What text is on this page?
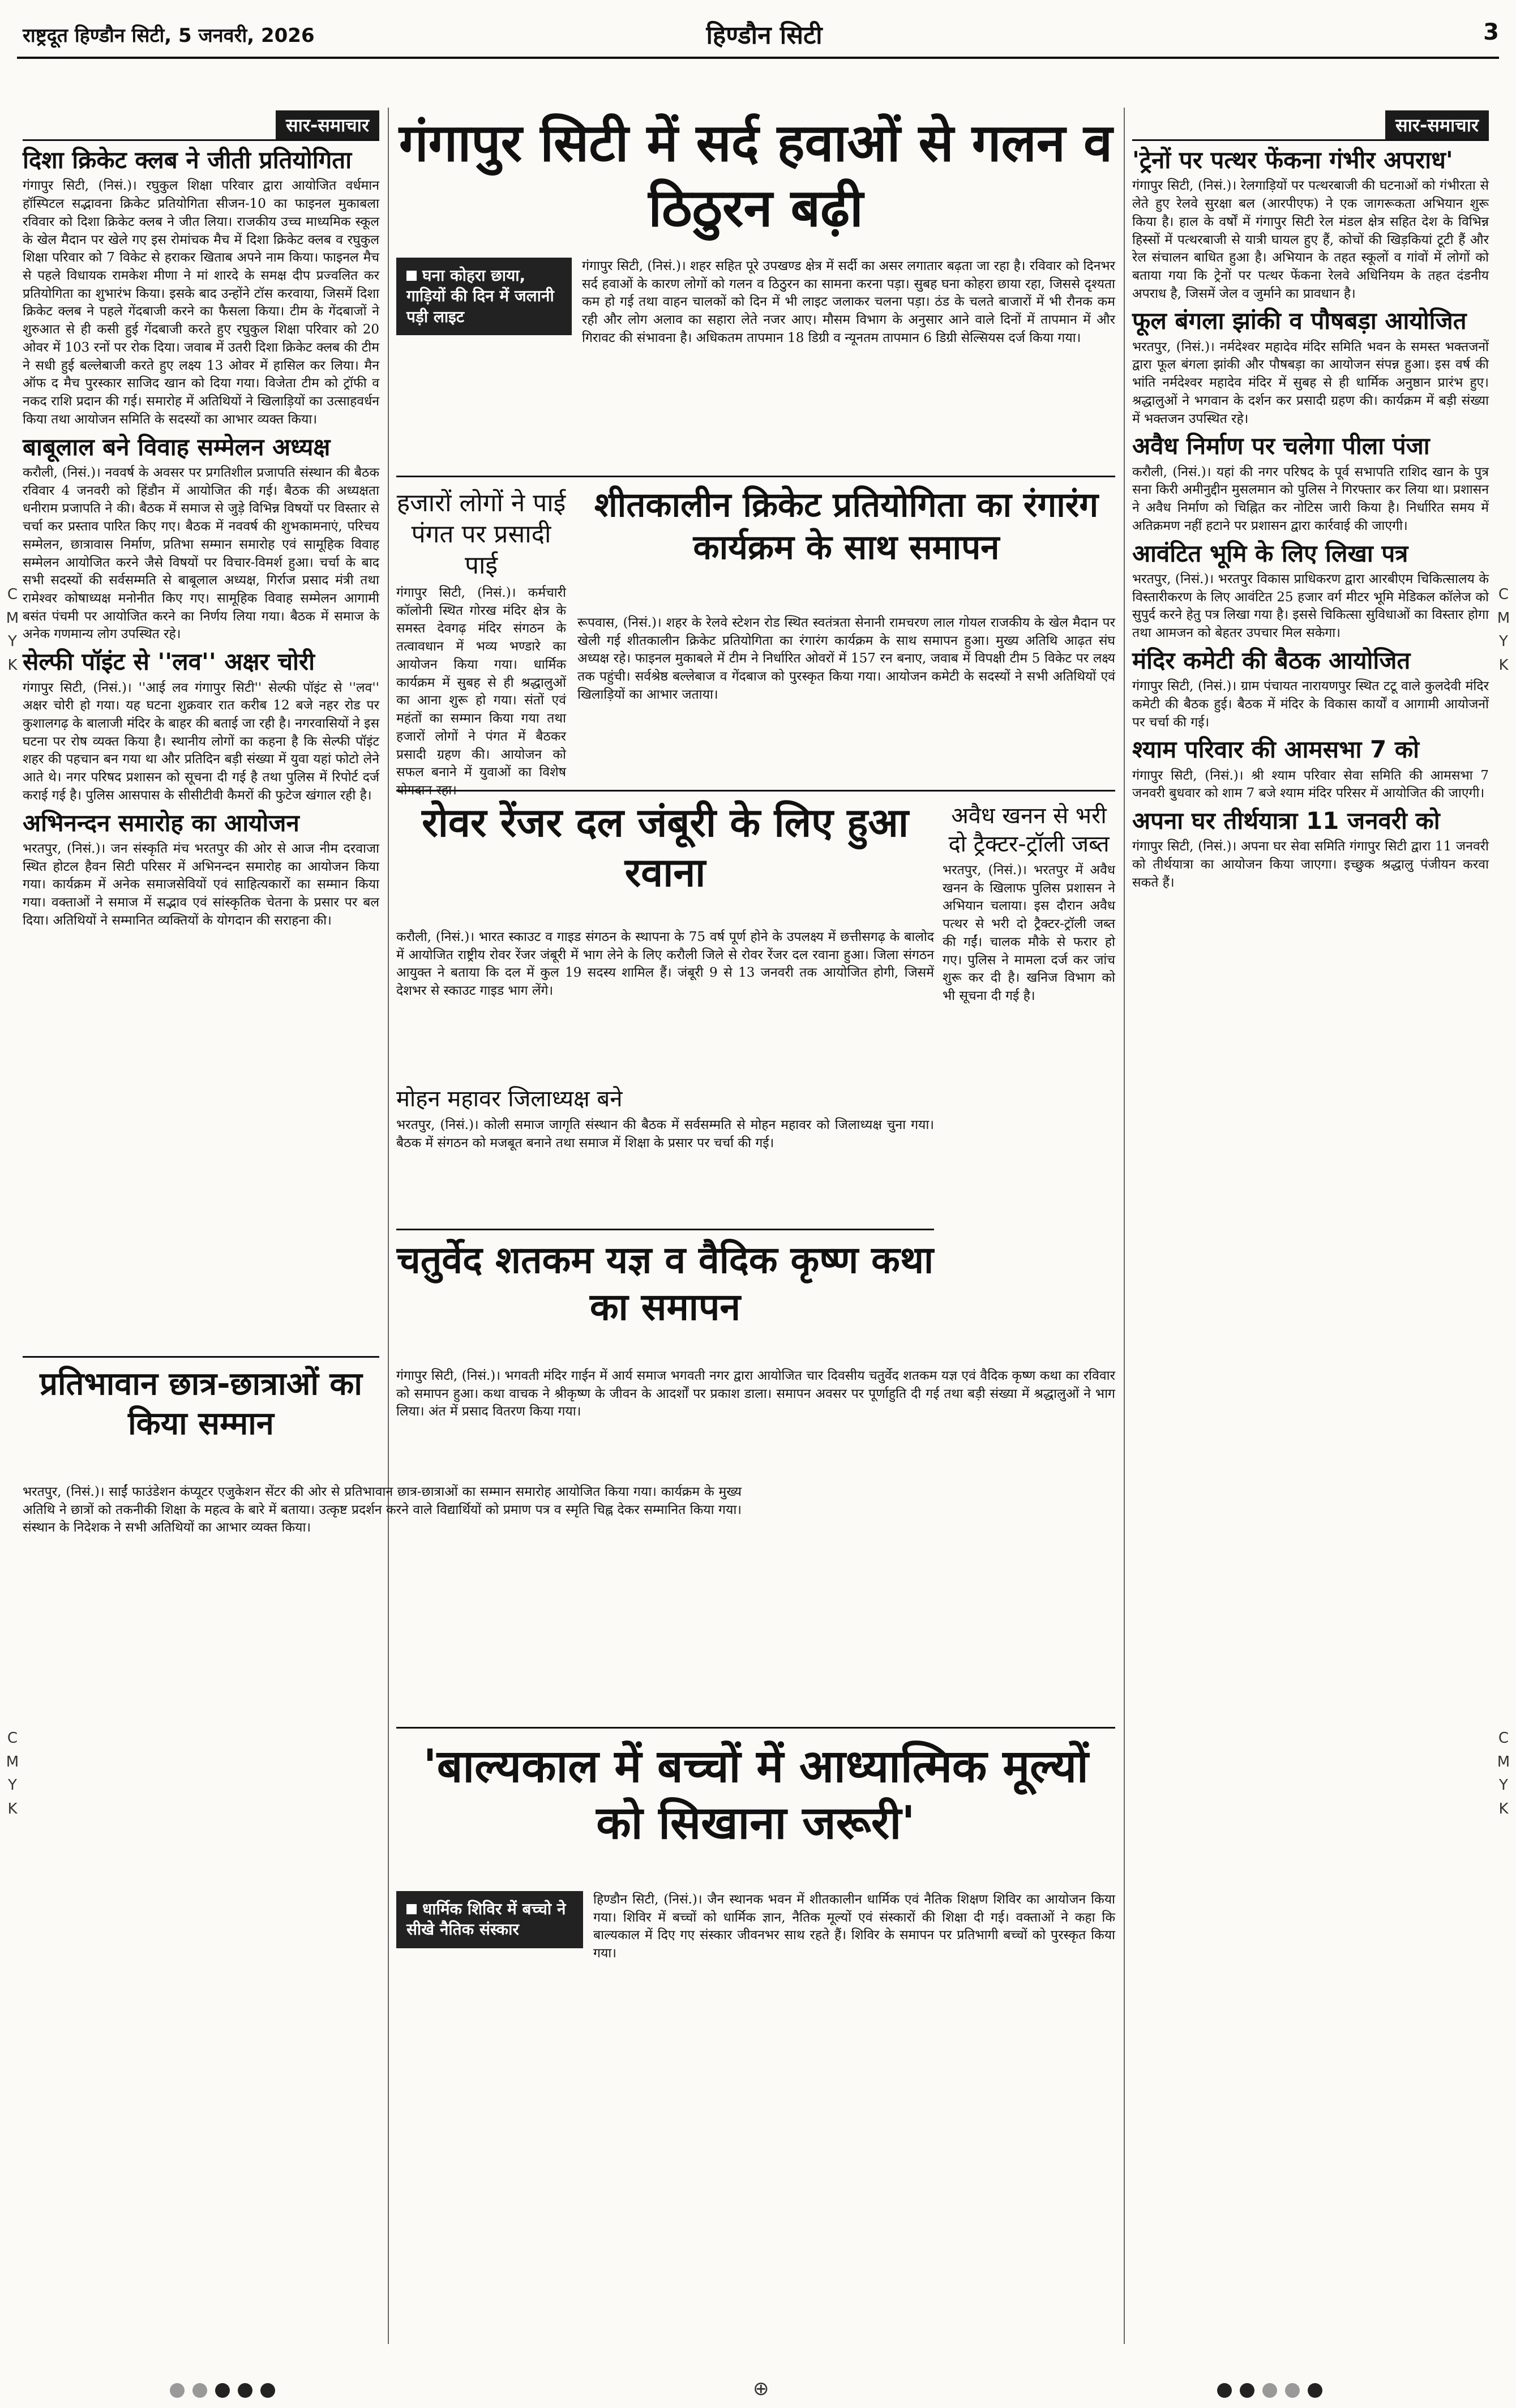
राष्ट्रदूत हिण्डौन सिटी, 5 जनवरी, 2026	हिण्डौन सिटी	3
सार-समाचार
दिशा क्रिकेट क्लब ने जीती प्रतियोगिता

गंगापुर सिटी, (निसं.)। रघुकुल शिक्षा परिवार द्वारा आयोजित वर्धमान हॉस्पिटल सद्भावना क्रिकेट प्रतियोगिता सीजन-10 का फाइनल मुकाबला रविवार को दिशा क्रिकेट क्लब ने जीत लिया। राजकीय उच्च माध्यमिक स्कूल के खेल मैदान पर खेले गए इस रोमांचक मैच में दिशा क्रिकेट क्लब व रघुकुल शिक्षा परिवार को 7 विकेट से हराकर खिताब अपने नाम किया। फाइनल मैच से पहले विधायक रामकेश मीणा ने मां शारदे के समक्ष दीप प्रज्वलित कर प्रतियोगिता का शुभारंभ किया। इसके बाद उन्होंने टॉस करवाया, जिसमें दिशा क्रिकेट क्लब ने पहले गेंदबाजी करने का फैसला किया। टीम के गेंदबाजों ने शुरुआत से ही कसी हुई गेंदबाजी करते हुए रघुकुल शिक्षा परिवार को 20 ओवर में 103 रनों पर रोक दिया। जवाब में उतरी दिशा क्रिकेट क्लब की टीम ने सधी हुई बल्लेबाजी करते हुए लक्ष्य 13 ओवर में हासिल कर लिया। मैन ऑफ द मैच पुरस्कार साजिद खान को दिया गया। विजेता टीम को ट्रॉफी व नकद राशि प्रदान की गई। समारोह में अतिथियों ने खिलाड़ियों का उत्साहवर्धन किया तथा आयोजन समिति के सदस्यों का आभार व्यक्त किया।

बाबूलाल बने विवाह सम्मेलन अध्यक्ष

करौली, (निसं.)। नववर्ष के अवसर पर प्रगतिशील प्रजापति संस्थान की बैठक रविवार 4 जनवरी को हिंडौन में आयोजित की गई। बैठक की अध्यक्षता धनीराम प्रजापति ने की। बैठक में समाज से जुड़े विभिन्न विषयों पर विस्तार से चर्चा कर प्रस्ताव पारित किए गए। बैठक में नववर्ष की शुभकामनाएं, परिचय सम्मेलन, छात्रावास निर्माण, प्रतिभा सम्मान समारोह एवं सामूहिक विवाह सम्मेलन आयोजित करने जैसे विषयों पर विचार-विमर्श हुआ। चर्चा के बाद सभी सदस्यों की सर्वसम्मति से बाबूलाल अध्यक्ष, गिर्राज प्रसाद मंत्री तथा रामेश्वर कोषाध्यक्ष मनोनीत किए गए। सामूहिक विवाह सम्मेलन आगामी बसंत पंचमी पर आयोजित करने का निर्णय लिया गया। बैठक में समाज के अनेक गणमान्य लोग उपस्थित रहे।

सेल्फी पॉइंट से ''लव'' अक्षर चोरी

गंगापुर सिटी, (निसं.)। ''आई लव गंगापुर सिटी'' सेल्फी पॉइंट से ''लव'' अक्षर चोरी हो गया। यह घटना शुक्रवार रात करीब 12 बजे नहर रोड पर कुशालगढ़ के बालाजी मंदिर के बाहर की बताई जा रही है। नगरवासियों ने इस घटना पर रोष व्यक्त किया है। स्थानीय लोगों का कहना है कि सेल्फी पॉइंट शहर की पहचान बन गया था और प्रतिदिन बड़ी संख्या में युवा यहां फोटो लेने आते थे। नगर परिषद प्रशासन को सूचना दी गई है तथा पुलिस में रिपोर्ट दर्ज कराई गई है। पुलिस आसपास के सीसीटीवी कैमरों की फुटेज खंगाल रही है।

अभिनन्दन समारोह का आयोजन

भरतपुर, (निसं.)। जन संस्कृति मंच भरतपुर की ओर से आज नीम दरवाजा स्थित होटल हैवन सिटी परिसर में अभिनन्दन समारोह का आयोजन किया गया। कार्यक्रम में अनेक समाजसेवियों एवं साहित्यकारों का सम्मान किया गया। वक्ताओं ने समाज में सद्भाव एवं सांस्कृतिक चेतना के प्रसार पर बल दिया। अतिथियों ने सम्मानित व्यक्तियों के योगदान की सराहना की।

गंगापुर सिटी में सर्द हवाओं से गलन व ठिठुरन बढ़ी
घना कोहरा छाया, गाड़ियों की दिन में जलानी पड़ी लाइट

गंगापुर सिटी, (निसं.)। शहर सहित पूरे उपखण्ड क्षेत्र में सर्दी का असर लगातार बढ़ता जा रहा है। रविवार को दिनभर सर्द हवाओं के कारण लोगों को गलन व ठिठुरन का सामना करना पड़ा। सुबह घना कोहरा छाया रहा, जिससे दृश्यता कम हो गई तथा वाहन चालकों को दिन में भी लाइट जलाकर चलना पड़ा। ठंड के चलते बाजारों में भी रौनक कम रही और लोग अलाव का सहारा लेते नजर आए। मौसम विभाग के अनुसार आने वाले दिनों में तापमान में और गिरावट की संभावना है। अधिकतम तापमान 18 डिग्री व न्यूनतम तापमान 6 डिग्री सेल्सियस दर्ज किया गया।

हजारों लोगों ने पाई पंगत पर प्रसादी पाई

गंगापुर सिटी, (निसं.)। कर्मचारी कॉलोनी स्थित गोरख मंदिर क्षेत्र के समस्त देवगढ़ मंदिर संगठन के तत्वावधान में भव्य भण्डारे का आयोजन किया गया। धार्मिक कार्यक्रम में सुबह से ही श्रद्धालुओं का आना शुरू हो गया। संतों एवं महंतों का सम्मान किया गया तथा हजारों लोगों ने पंगत में बैठकर प्रसादी ग्रहण की। आयोजन को सफल बनाने में युवाओं का विशेष योगदान रहा।

शीतकालीन क्रिकेट प्रतियोगिता का रंगारंग कार्यक्रम के साथ समापन

रूपवास, (निसं.)। शहर के रेलवे स्टेशन रोड स्थित स्वतंत्रता सेनानी रामचरण लाल गोयल राजकीय के खेल मैदान पर खेली गई शीतकालीन क्रिकेट प्रतियोगिता का रंगारंग कार्यक्रम के साथ समापन हुआ। मुख्य अतिथि आढ़त संघ अध्यक्ष रहे। फाइनल मुकाबले में टीम ने निर्धारित ओवरों में 157 रन बनाए, जवाब में विपक्षी टीम 5 विकेट पर लक्ष्य तक पहुंची। सर्वश्रेष्ठ बल्लेबाज व गेंदबाज को पुरस्कृत किया गया। आयोजन कमेटी के सदस्यों ने सभी अतिथियों एवं खिलाड़ियों का आभार जताया।

रोवर रेंजर दल जंबूरी के लिए हुआ रवाना

करौली, (निसं.)। भारत स्काउट व गाइड संगठन के स्थापना के 75 वर्ष पूर्ण होने के उपलक्ष्य में छत्तीसगढ़ के बालोद में आयोजित राष्ट्रीय रोवर रेंजर जंबूरी में भाग लेने के लिए करौली जिले से रोवर रेंजर दल रवाना हुआ। जिला संगठन आयुक्त ने बताया कि दल में कुल 19 सदस्य शामिल हैं। जंबूरी 9 से 13 जनवरी तक आयोजित होगी, जिसमें देशभर से स्काउट गाइड भाग लेंगे।

अवैध खनन से भरी दो ट्रैक्टर-ट्रॉली जब्त

भरतपुर, (निसं.)। भरतपुर में अवैध खनन के खिलाफ पुलिस प्रशासन ने अभियान चलाया। इस दौरान अवैध पत्थर से भरी दो ट्रैक्टर-ट्रॉली जब्त की गईं। चालक मौके से फरार हो गए। पुलिस ने मामला दर्ज कर जांच शुरू कर दी है। खनिज विभाग को भी सूचना दी गई है।

मोहन महावर जिलाध्यक्ष बने

भरतपुर, (निसं.)। कोली समाज जागृति संस्थान की बैठक में सर्वसम्मति से मोहन महावर को जिलाध्यक्ष चुना गया। बैठक में संगठन को मजबूत बनाने तथा समाज में शिक्षा के प्रसार पर चर्चा की गई।

चतुर्वेद शतकम यज्ञ व वैदिक कृष्ण कथा का समापन

गंगापुर सिटी, (निसं.)। भगवती मंदिर गाईन में आर्य समाज भगवती नगर द्वारा आयोजित चार दिवसीय चतुर्वेद शतकम यज्ञ एवं वैदिक कृष्ण कथा का रविवार को समापन हुआ। कथा वाचक ने श्रीकृष्ण के जीवन के आदर्शों पर प्रकाश डाला। समापन अवसर पर पूर्णाहुति दी गई तथा बड़ी संख्या में श्रद्धालुओं ने भाग लिया। अंत में प्रसाद वितरण किया गया।

प्रतिभावान छात्र-छात्राओं का किया सम्मान

भरतपुर, (निसं.)। साईं फाउंडेशन कंप्यूटर एजुकेशन सेंटर की ओर से प्रतिभावान छात्र-छात्राओं का सम्मान समारोह आयोजित किया गया। कार्यक्रम के मुख्य अतिथि ने छात्रों को तकनीकी शिक्षा के महत्व के बारे में बताया। उत्कृष्ट प्रदर्शन करने वाले विद्यार्थियों को प्रमाण पत्र व स्मृति चिह्न देकर सम्मानित किया गया। संस्थान के निदेशक ने सभी अतिथियों का आभार व्यक्त किया।

'बाल्यकाल में बच्चों में आध्यात्मिक मूल्यों को सिखाना जरूरी'
धार्मिक शिविर में बच्चो ने सीखे नैतिक संस्कार

हिण्डौन सिटी, (निसं.)। जैन स्थानक भवन में शीतकालीन धार्मिक एवं नैतिक शिक्षण शिविर का आयोजन किया गया। शिविर में बच्चों को धार्मिक ज्ञान, नैतिक मूल्यों एवं संस्कारों की शिक्षा दी गई। वक्ताओं ने कहा कि बाल्यकाल में दिए गए संस्कार जीवनभर साथ रहते हैं। शिविर के समापन पर प्रतिभागी बच्चों को पुरस्कृत किया गया।

सार-समाचार
'ट्रेनों पर पत्थर फेंकना गंभीर अपराध'

गंगापुर सिटी, (निसं.)। रेलगाड़ियों पर पत्थरबाजी की घटनाओं को गंभीरता से लेते हुए रेलवे सुरक्षा बल (आरपीएफ) ने एक जागरूकता अभियान शुरू किया है। हाल के वर्षों में गंगापुर सिटी रेल मंडल क्षेत्र सहित देश के विभिन्न हिस्सों में पत्थरबाजी से यात्री घायल हुए हैं, कोचों की खिड़कियां टूटी हैं और रेल संचालन बाधित हुआ है। अभियान के तहत स्कूलों व गांवों में लोगों को बताया गया कि ट्रेनों पर पत्थर फेंकना रेलवे अधिनियम के तहत दंडनीय अपराध है, जिसमें जेल व जुर्माने का प्रावधान है।

फूल बंगला झांकी व पौषबड़ा आयोजित

भरतपुर, (निसं.)। नर्मदेश्वर महादेव मंदिर समिति भवन के समस्त भक्तजनों द्वारा फूल बंगला झांकी और पौषबड़ा का आयोजन संपन्न हुआ। इस वर्ष की भांति नर्मदेश्वर महादेव मंदिर में सुबह से ही धार्मिक अनुष्ठान प्रारंभ हुए। श्रद्धालुओं ने भगवान के दर्शन कर प्रसादी ग्रहण की। कार्यक्रम में बड़ी संख्या में भक्तजन उपस्थित रहे।

अवैध निर्माण पर चलेगा पीला पंजा

करौली, (निसं.)। यहां की नगर परिषद के पूर्व सभापति राशिद खान के पुत्र सना किरी अमीनुद्दीन मुसलमान को पुलिस ने गिरफ्तार कर लिया था। प्रशासन ने अवैध निर्माण को चिह्नित कर नोटिस जारी किया है। निर्धारित समय में अतिक्रमण नहीं हटाने पर प्रशासन द्वारा कार्रवाई की जाएगी।

आवंटित भूमि के लिए लिखा पत्र

भरतपुर, (निसं.)। भरतपुर विकास प्राधिकरण द्वारा आरबीएम चिकित्सालय के विस्तारीकरण के लिए आवंटित 25 हजार वर्ग मीटर भूमि मेडिकल कॉलेज को सुपुर्द करने हेतु पत्र लिखा गया है। इससे चिकित्सा सुविधाओं का विस्तार होगा तथा आमजन को बेहतर उपचार मिल सकेगा।

मंदिर कमेटी की बैठक आयोजित

गंगापुर सिटी, (निसं.)। ग्राम पंचायत नारायणपुर स्थित टटू वाले कुलदेवी मंदिर कमेटी की बैठक हुई। बैठक में मंदिर के विकास कार्यों व आगामी आयोजनों पर चर्चा की गई।

श्याम परिवार की आमसभा 7 को

गंगापुर सिटी, (निसं.)। श्री श्याम परिवार सेवा समिति की आमसभा 7 जनवरी बुधवार को शाम 7 बजे श्याम मंदिर परिसर में आयोजित की जाएगी।

अपना घर तीर्थयात्रा 11 जनवरी को

गंगापुर सिटी, (निसं.)। अपना घर सेवा समिति गंगापुर सिटी द्वारा 11 जनवरी को तीर्थयात्रा का आयोजन किया जाएगा। इच्छुक श्रद्धालु पंजीयन करवा सकते हैं।

C M Y K
C M Y K
C M Y K
C M Y K
⊕
